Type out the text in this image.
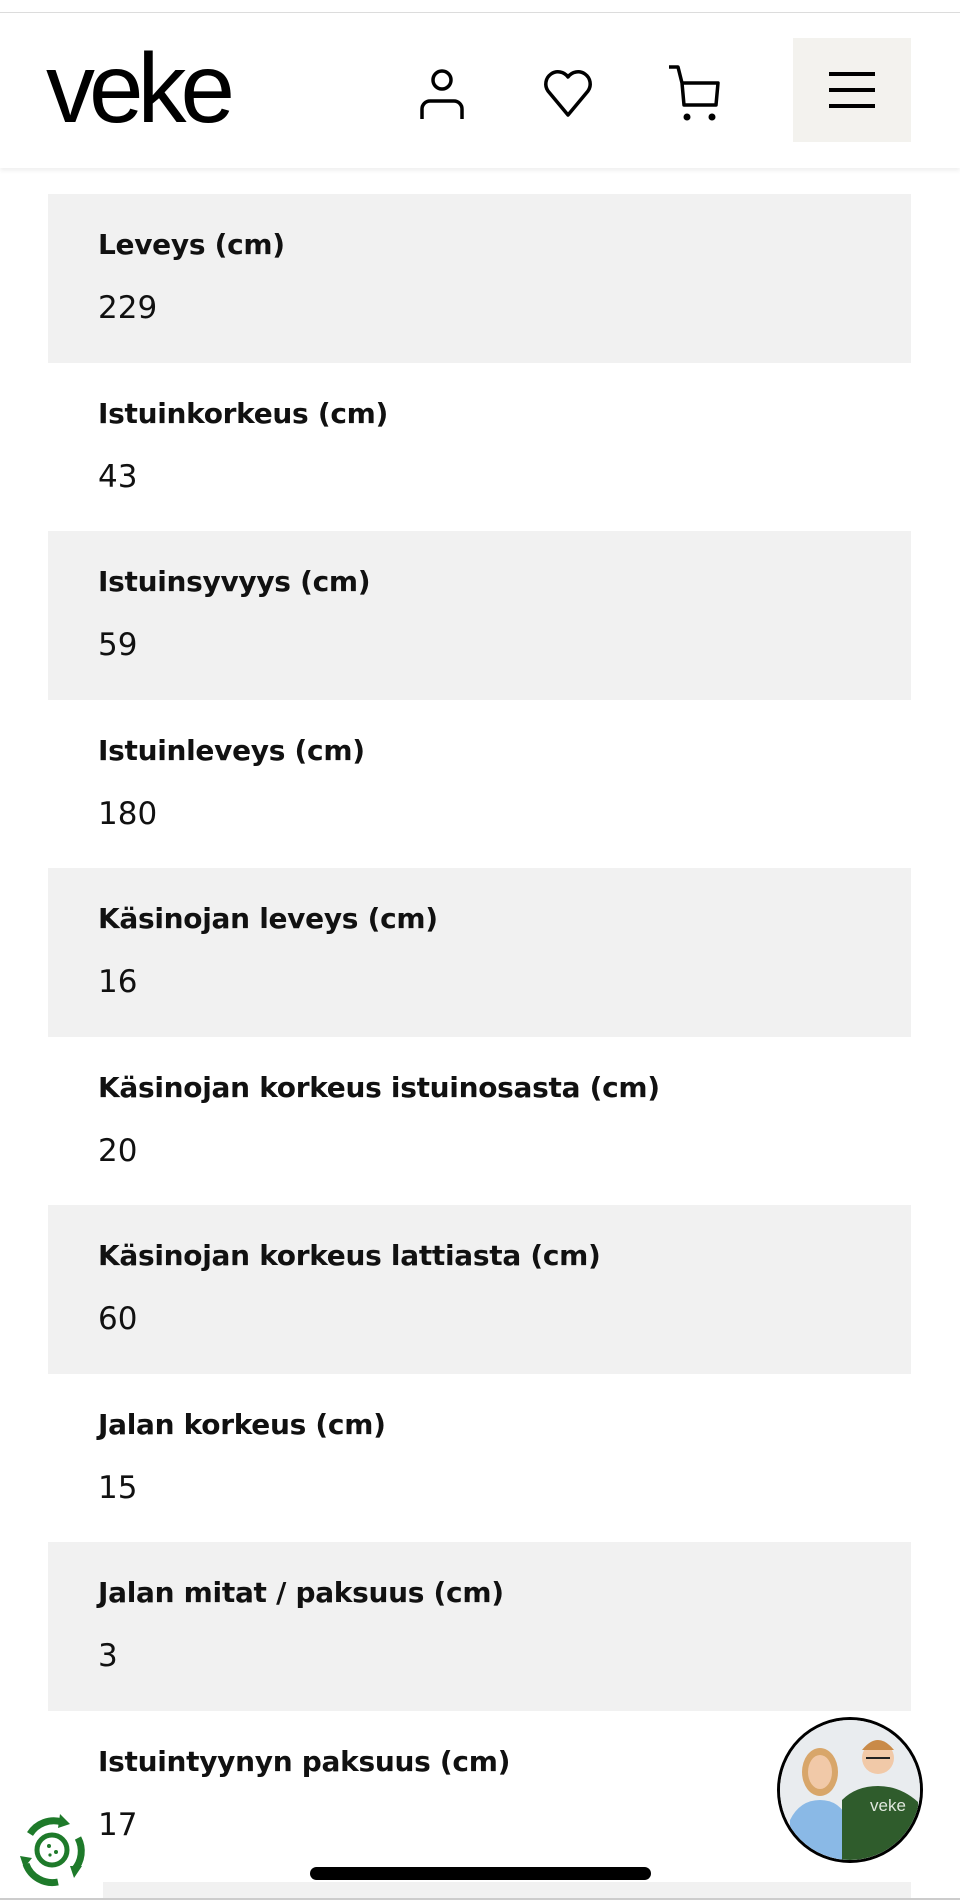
veke
Leveys (cm)
229
Istuinkorkeus (cm)
43
Istuinsyvyys (cm)
59
Istuinleveys (cm)
180
Käsinojan leveys (cm)
16
Käsinojan korkeus istuinosasta (cm)
20
Käsinojan korkeus lattiasta (cm)
60
Jalan korkeus (cm)
15
Jalan mitat / paksuus (cm)
3
Istuintyynyn paksuus (cm)
17
veke
